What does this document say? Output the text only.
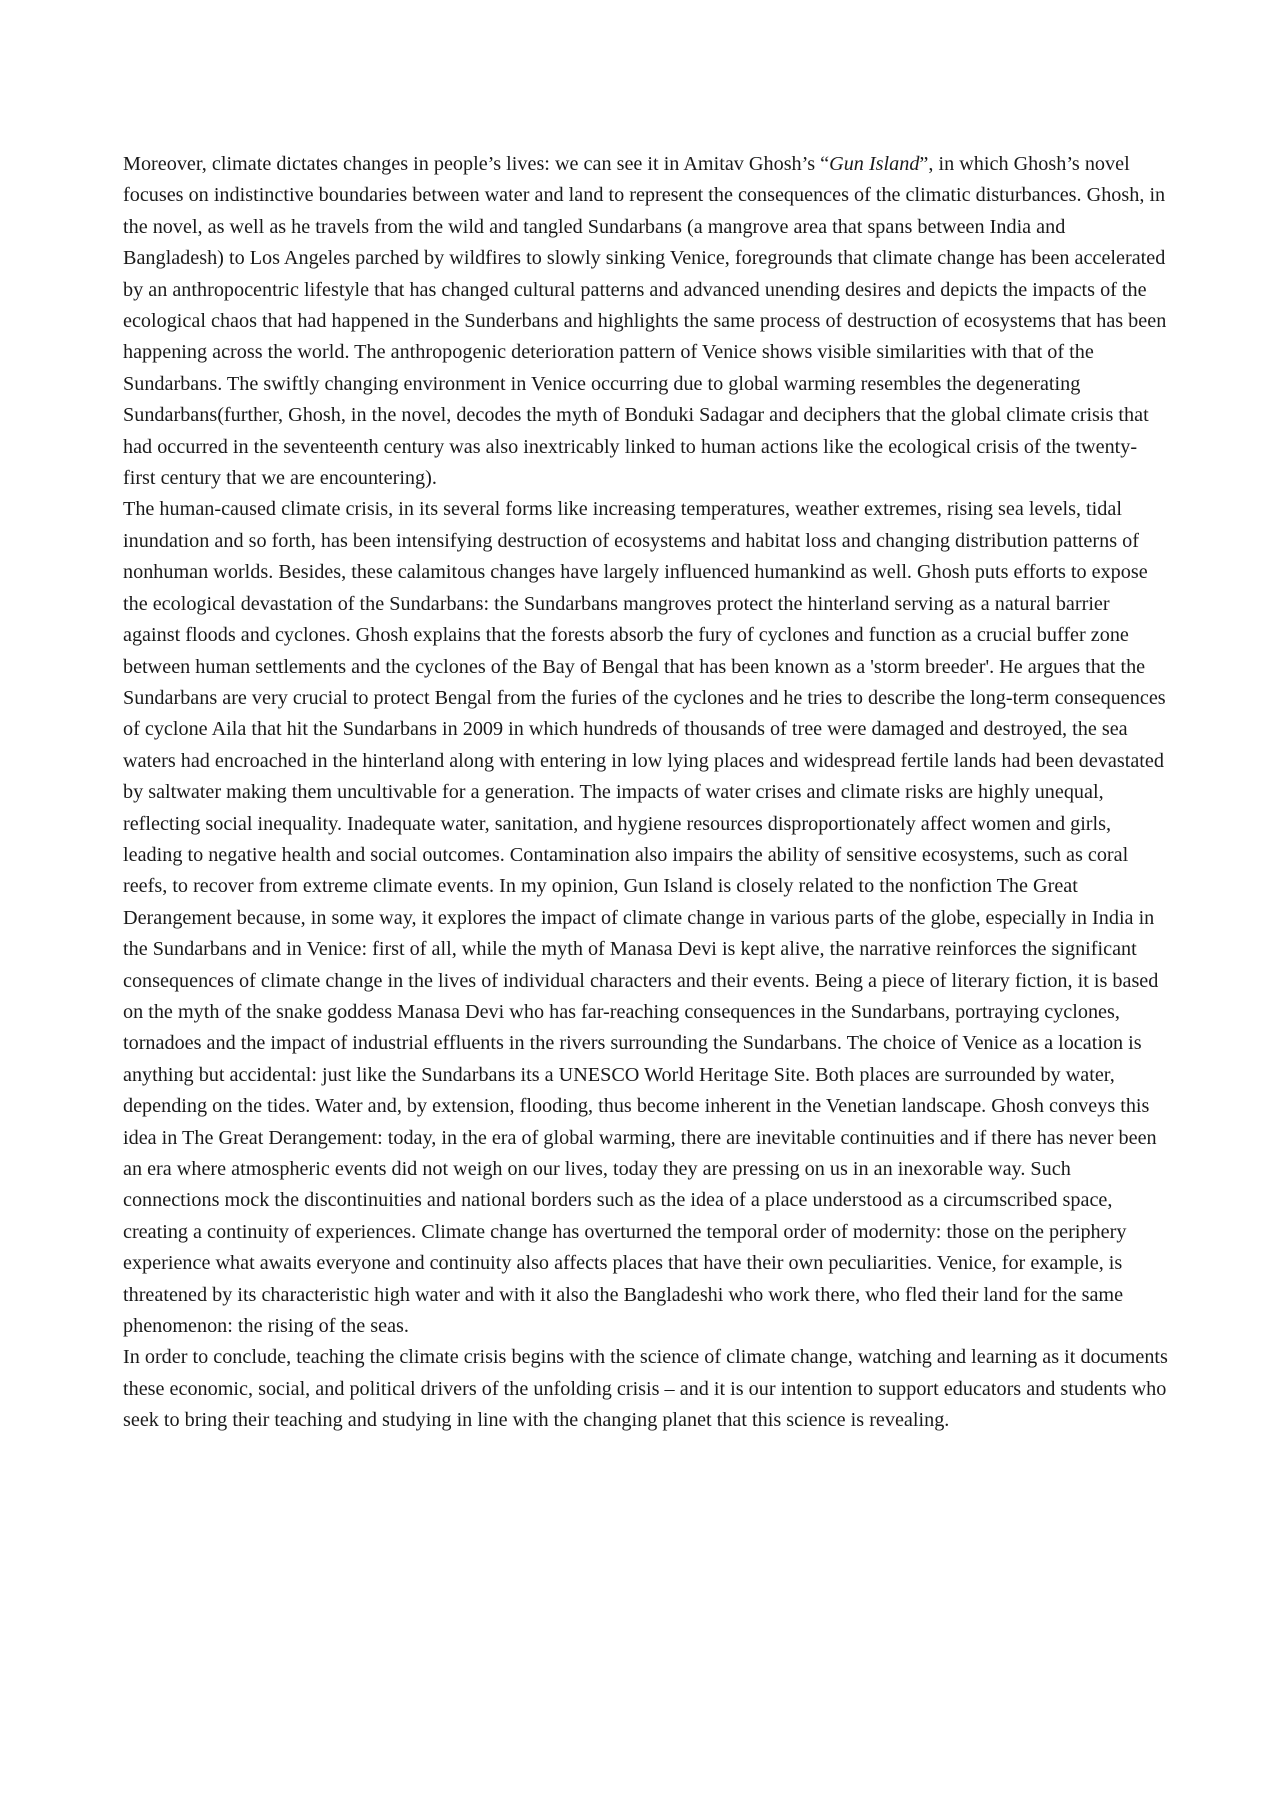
Moreover, climate dictates changes in people’s lives: we can see it in Amitav Ghosh’s “Gun Island”, in which Ghosh’s novel focuses on indistinctive boundaries between water and land to represent the consequences of the climatic disturbances. Ghosh, in the novel, as well as he travels from the wild and tangled Sundarbans (a mangrove area that spans between India and Bangladesh) to Los Angeles parched by wildfires to slowly sinking Venice, foregrounds that climate change has been accelerated by an anthropocentric lifestyle that has changed cultural patterns and advanced unending desires and depicts the impacts of the ecological chaos that had happened in the Sunderbans and highlights the same process of destruction of ecosystems that has been happening across the world. The anthropogenic deterioration pattern of Venice shows visible similarities with that of the Sundarbans. The swiftly changing environment in Venice occurring due to global warming resembles the degenerating Sundarbans(further, Ghosh, in the novel, decodes the myth of Bonduki Sadagar and deciphers that the global climate crisis that had occurred in the seventeenth century was also inextricably linked to human actions like the ecological crisis of the twenty-first century that we are encountering).

The human-caused climate crisis, in its several forms like increasing temperatures, weather extremes, rising sea levels, tidal inundation and so forth, has been intensifying destruction of ecosystems and habitat loss and changing distribution patterns of nonhuman worlds. Besides, these calamitous changes have largely influenced humankind as well. Ghosh puts efforts to expose the ecological devastation of the Sundarbans: the Sundarbans mangroves protect the hinterland serving as a natural barrier against floods and cyclones. Ghosh explains that the forests absorb the fury of cyclones and function as a crucial buffer zone between human settlements and the cyclones of the Bay of Bengal that has been known as a 'storm breeder'. He argues that the Sundarbans are very crucial to protect Bengal from the furies of the cyclones and he tries to describe the long-term consequences of cyclone Aila that hit the Sundarbans in 2009 in which hundreds of thousands of tree were damaged and destroyed, the sea waters had encroached in the hinterland along with entering in low lying places and widespread fertile lands had been devastated by saltwater making them uncultivable for a generation. The impacts of water crises and climate risks are highly unequal, reflecting social inequality. Inadequate water, sanitation, and hygiene resources disproportionately affect women and girls, leading to negative health and social outcomes. Contamination also impairs the ability of sensitive ecosystems, such as coral reefs, to recover from extreme climate events. In my opinion, Gun Island is closely related to the nonfiction The Great Derangement because, in some way, it explores the impact of climate change in various parts of the globe, especially in India in the Sundarbans and in Venice: first of all, while the myth of Manasa Devi is kept alive, the narrative reinforces the significant consequences of climate change in the lives of individual characters and their events. Being a piece of literary fiction, it is based on the myth of the snake goddess Manasa Devi who has far-reaching consequences in the Sundarbans, portraying cyclones, tornadoes and the impact of industrial effluents in the rivers surrounding the Sundarbans. The choice of Venice as a location is anything but accidental: just like the Sundarbans its a UNESCO World Heritage Site. Both places are surrounded by water, depending on the tides. Water and, by extension, flooding, thus become inherent in the Venetian landscape. Ghosh conveys this idea in The Great Derangement: today, in the era of global warming, there are inevitable continuities and if there has never been an era where atmospheric events did not weigh on our lives, today they are pressing on us in an inexorable way. Such connections mock the discontinuities and national borders such as the idea of a place understood as a circumscribed space, creating a continuity of experiences. Climate change has overturned the temporal order of modernity: those on the periphery experience what awaits everyone and continuity also affects places that have their own peculiarities. Venice, for example, is threatened by its characteristic high water and with it also the Bangladeshi who work there, who fled their land for the same phenomenon: the rising of the seas.

In order to conclude, teaching the climate crisis begins with the science of climate change, watching and learning as it documents these economic, social, and political drivers of the unfolding crisis – and it is our intention to support educators and students who seek to bring their teaching and studying in line with the changing planet that this science is revealing.
